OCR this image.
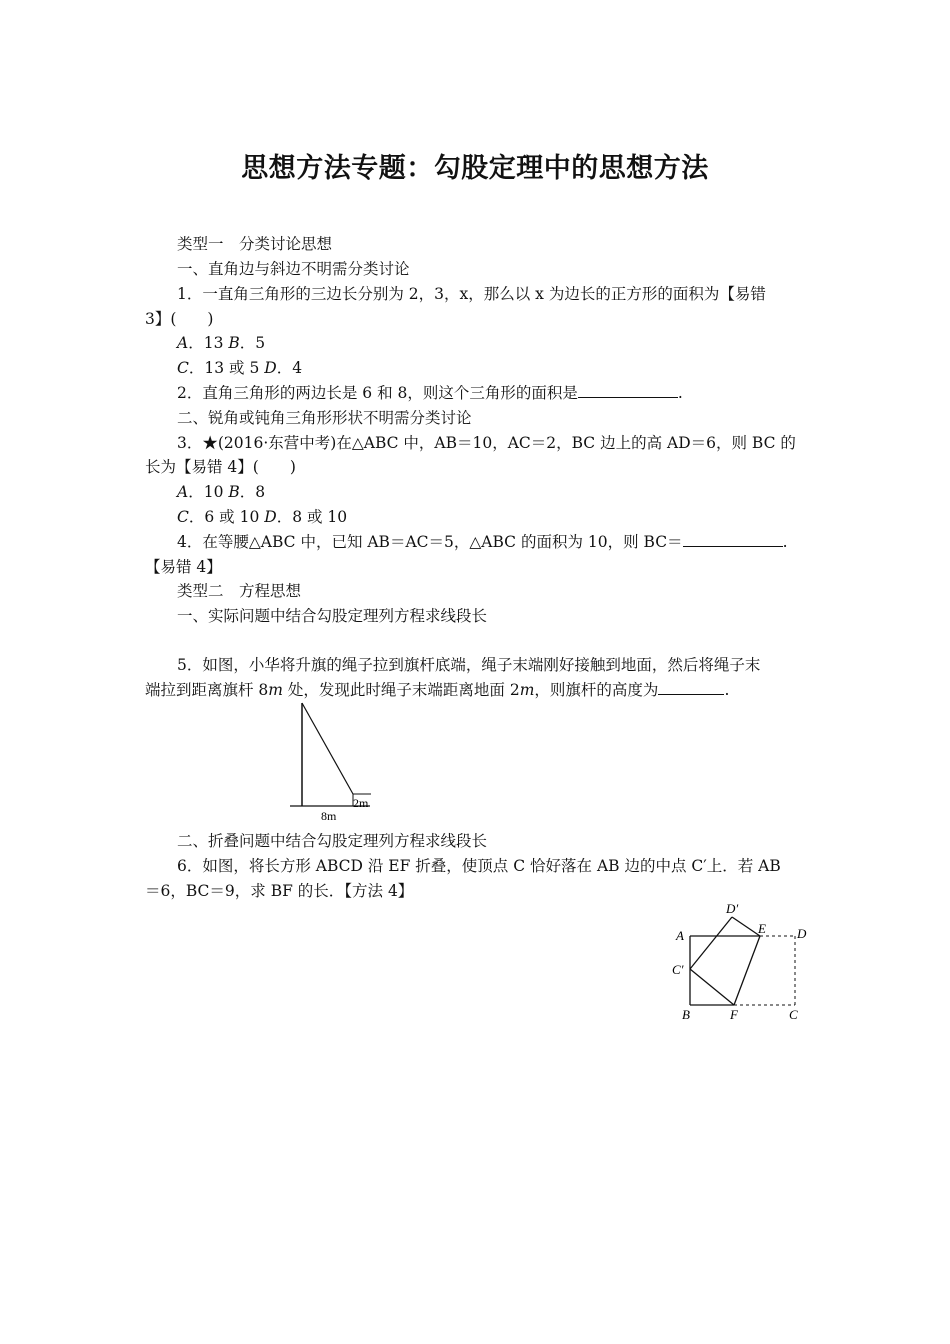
思想方法专题：勾股定理中的思想方法
类型一　分类讨论思想
一、直角边与斜边不明需分类讨论
1．一直角三角形的三边长分别为 2，3，x，那么以 x 为边长的正方形的面积为【易错
3】(　　)
A．13 B．5
C．13 或 5 D．4
2．直角三角形的两边长是 6 和 8，则这个三角形的面积是	.
二、锐角或钝角三角形形状不明需分类讨论
3．★(2016·东营中考)在△ABC 中，AB＝10，AC＝2，BC 边上的高 AD＝6，则 BC 的
长为【易错 4】(　　)
A．10 B．8
C．6 或 10 D．8 或 10
4．在等腰△ABC 中，已知 AB＝AC＝5，△ABC 的面积为 10，则 BC＝	.
【易错 4】
类型二　方程思想
一、实际问题中结合勾股定理列方程求线段长
5．如图，小华将升旗的绳子拉到旗杆底端，绳子末端刚好接触到地面，然后将绳子末
端拉到距离旗杆 8m 处，发现此时绳子末端距离地面 2m，则旗杆的高度为	.
2m
8m
二、折叠问题中结合勾股定理列方程求线段长
6．如图，将长方形 ABCD 沿 EF 折叠，使顶点 C 恰好落在 AB 边的中点 C′上．若 AB
＝6，BC＝9，求 BF 的长．【方法 4】
A
C′
B	F	C
D
E
D′
